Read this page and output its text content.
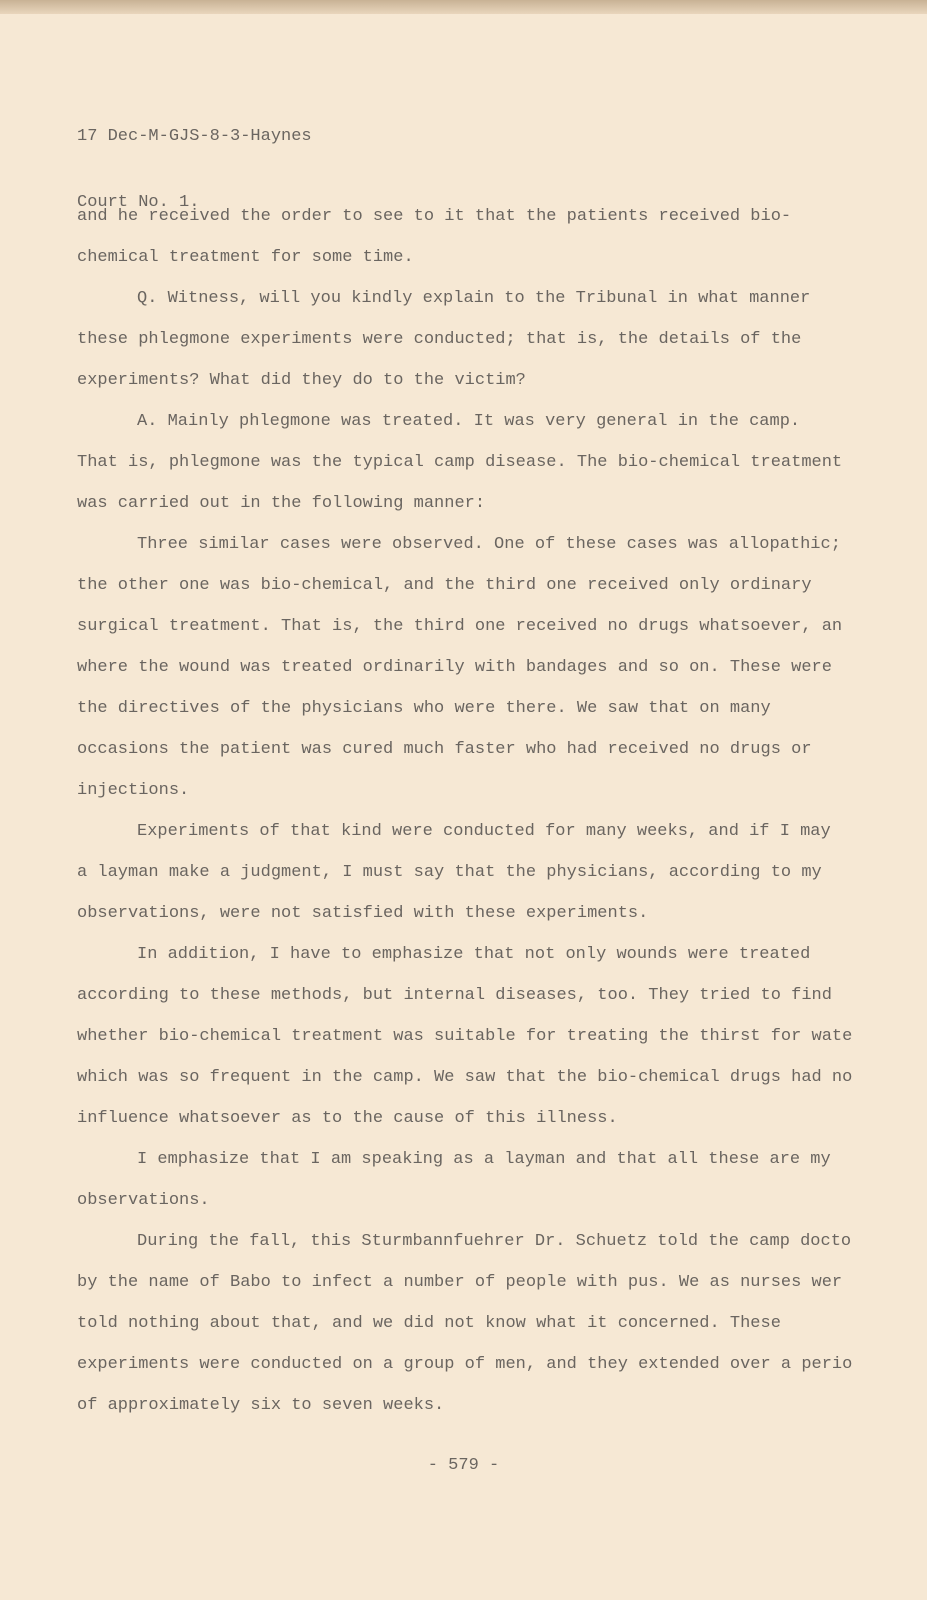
17 Dec-M-GJS-8-3-Haynes

Court No. 1.

and he received the order to see to it that the patients received bio-
chemical treatment for some time.
Q. Witness, will you kindly explain to the Tribunal in what manner
these phlegmone experiments were conducted; that is, the details of the
experiments? What did they do to the victim?
A. Mainly phlegmone was treated. It was very general in the camp.
That is, phlegmone was the typical camp disease. The bio-chemical treatment
was carried out in the following manner:
Three similar cases were observed. One of these cases was allopathic;
the other one was bio-chemical, and the third one received only ordinary
surgical treatment. That is, the third one received no drugs whatsoever, an
where the wound was treated ordinarily with bandages and so on. These were
the directives of the physicians who were there. We saw that on many
occasions the patient was cured much faster who had received no drugs or
injections.
Experiments of that kind were conducted for many weeks, and if I may
a layman make a judgment, I must say that the physicians, according to my
observations, were not satisfied with these experiments.
In addition, I have to emphasize that not only wounds were treated
according to these methods, but internal diseases, too. They tried to find
whether bio-chemical treatment was suitable for treating the thirst for wate
which was so frequent in the camp. We saw that the bio-chemical drugs had no
influence whatsoever as to the cause of this illness.
I emphasize that I am speaking as a layman and that all these are my
observations.
During the fall, this Sturmbannfuehrer Dr. Schuetz told the camp docto
by the name of Babo to infect a number of people with pus. We as nurses wer
told nothing about that, and we did not know what it concerned. These
experiments were conducted on a group of men, and they extended over a perio
of approximately six to seven weeks.
- 579 -
